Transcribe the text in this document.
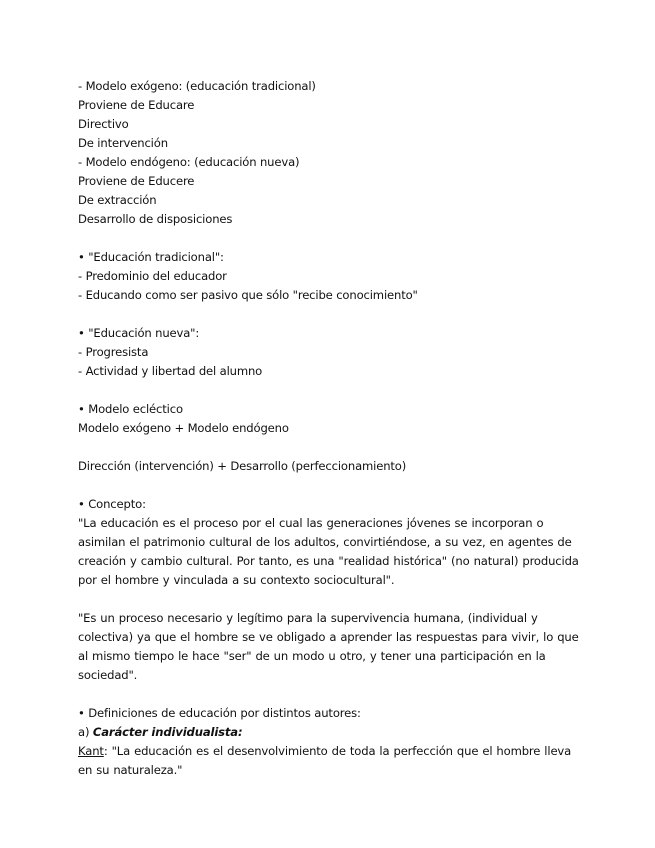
- Modelo exógeno: (educación tradicional)
Proviene de Educare
Directivo
De intervención
- Modelo endógeno: (educación nueva)
Proviene de Educere
De extracción
Desarrollo de disposiciones
• "Educación tradicional":
- Predominio del educador
- Educando como ser pasivo que sólo "recibe conocimiento"
• "Educación nueva":
- Progresista
- Actividad y libertad del alumno
• Modelo ecléctico
Modelo exógeno + Modelo endógeno
Dirección (intervención) + Desarrollo (perfeccionamiento)
• Concepto:
"La educación es el proceso por el cual las generaciones jóvenes se incorporan o asimilan el patrimonio cultural de los adultos, convirtiéndose, a su vez, en agentes de creación y cambio cultural. Por tanto, es una "realidad histórica" (no natural) producida por el hombre y vinculada a su contexto sociocultural".
"Es un proceso necesario y legítimo para la supervivencia humana, (individual y colectiva) ya que el hombre se ve obligado a aprender las respuestas para vivir, lo que al mismo tiempo le hace "ser" de un modo u otro, y tener una participación en la sociedad".
• Definiciones de educación por distintos autores:
a) Carácter individualista:
Kant: "La educación es el desenvolvimiento de toda la perfección que el hombre lleva en su naturaleza."
